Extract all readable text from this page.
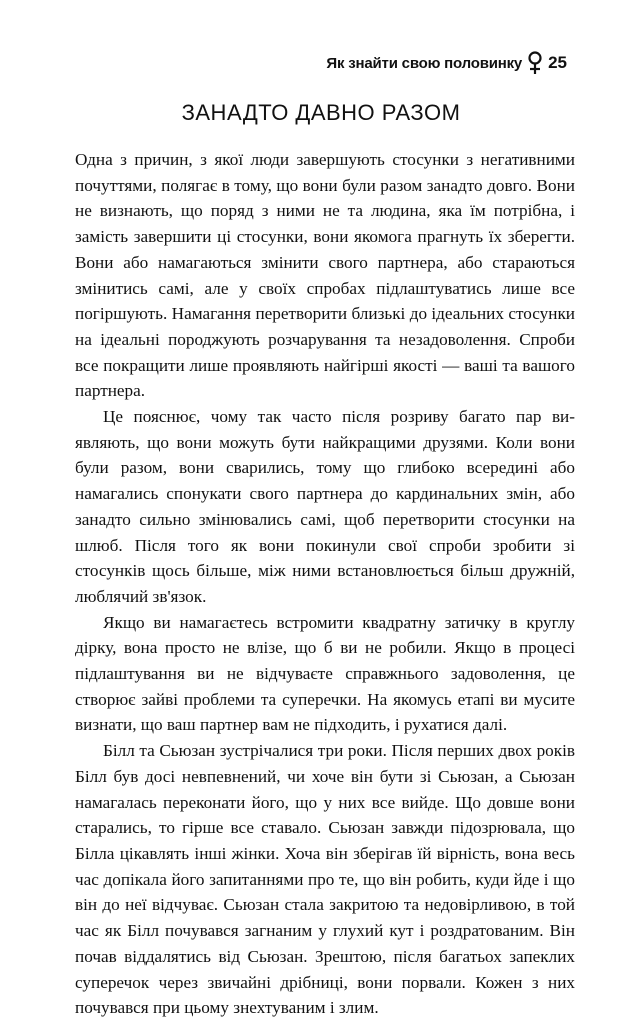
Як знайти свою половинку 25
ЗАНАДТО ДАВНО РАЗОМ

Одна з причин, з якої люди завершують стосунки з негативними почуттями, полягає в тому, що вони були разом занадто довго. Вони не визнають, що поряд з ними не та людина, яка їм потрібна, і замість завершити ці стосунки, вони якомога прагнуть їх зберегти. Вони або намагаються змінити свого партнера, або стараються змінитись самі, але у своїх спробах підлаштуватись лише все погіршують. Намагання перетворити близькі до ідеальних стосунки на ідеальні породжують розчарування та незадоволення. Спроби все покращити лише проявляють найгірші якості — ваші та вашого партнера.

Це пояснює, чому так часто після розриву багато пар виявляють, що вони можуть бути найкращими друзями. Коли вони були разом, вони сварились, тому що глибоко всередині або намагались спонукати свого партнера до кардинальних змін, або занадто сильно змінювались самі, щоб перетворити стосунки на шлюб. Після того як вони покинули свої спроби зробити зі стосунків щось більше, між ними встановлюється більш дружній, люблячий зв'язок.

Якщо ви намагаєтесь встромити квадратну затичку в круглу дірку, вона просто не влізе, що б ви не робили. Якщо в процесі підлаштування ви не відчуваєте справжнього задоволення, це створює зайві проблеми та суперечки. На якомусь етапі ви мусите визнати, що ваш партнер вам не підходить, і рухатися далі.

Білл та Сьюзан зустрічалися три роки. Після перших двох років Білл був досі невпевнений, чи хоче він бути зі Сьюзан, а Сьюзан намагалась переконати його, що у них все вийде. Що довше вони старались, то гірше все ставало. Сьюзан завжди підозрювала, що Білла цікавлять інші жінки. Хоча він зберігав їй вірність, вона весь час допікала його запитаннями про те, що він робить, куди йде і що він до неї відчуває. Сьюзан стала закритою та недовірливою, в той час як Білл почувався загнаним у глухий кут і роздратованим. Він почав віддалятись від Сьюзан. Зрештою, після багатьох запеклих суперечок через звичайні дрібниці, вони порвали. Кожен з них почувався при цьому знехтуваним і злим.
